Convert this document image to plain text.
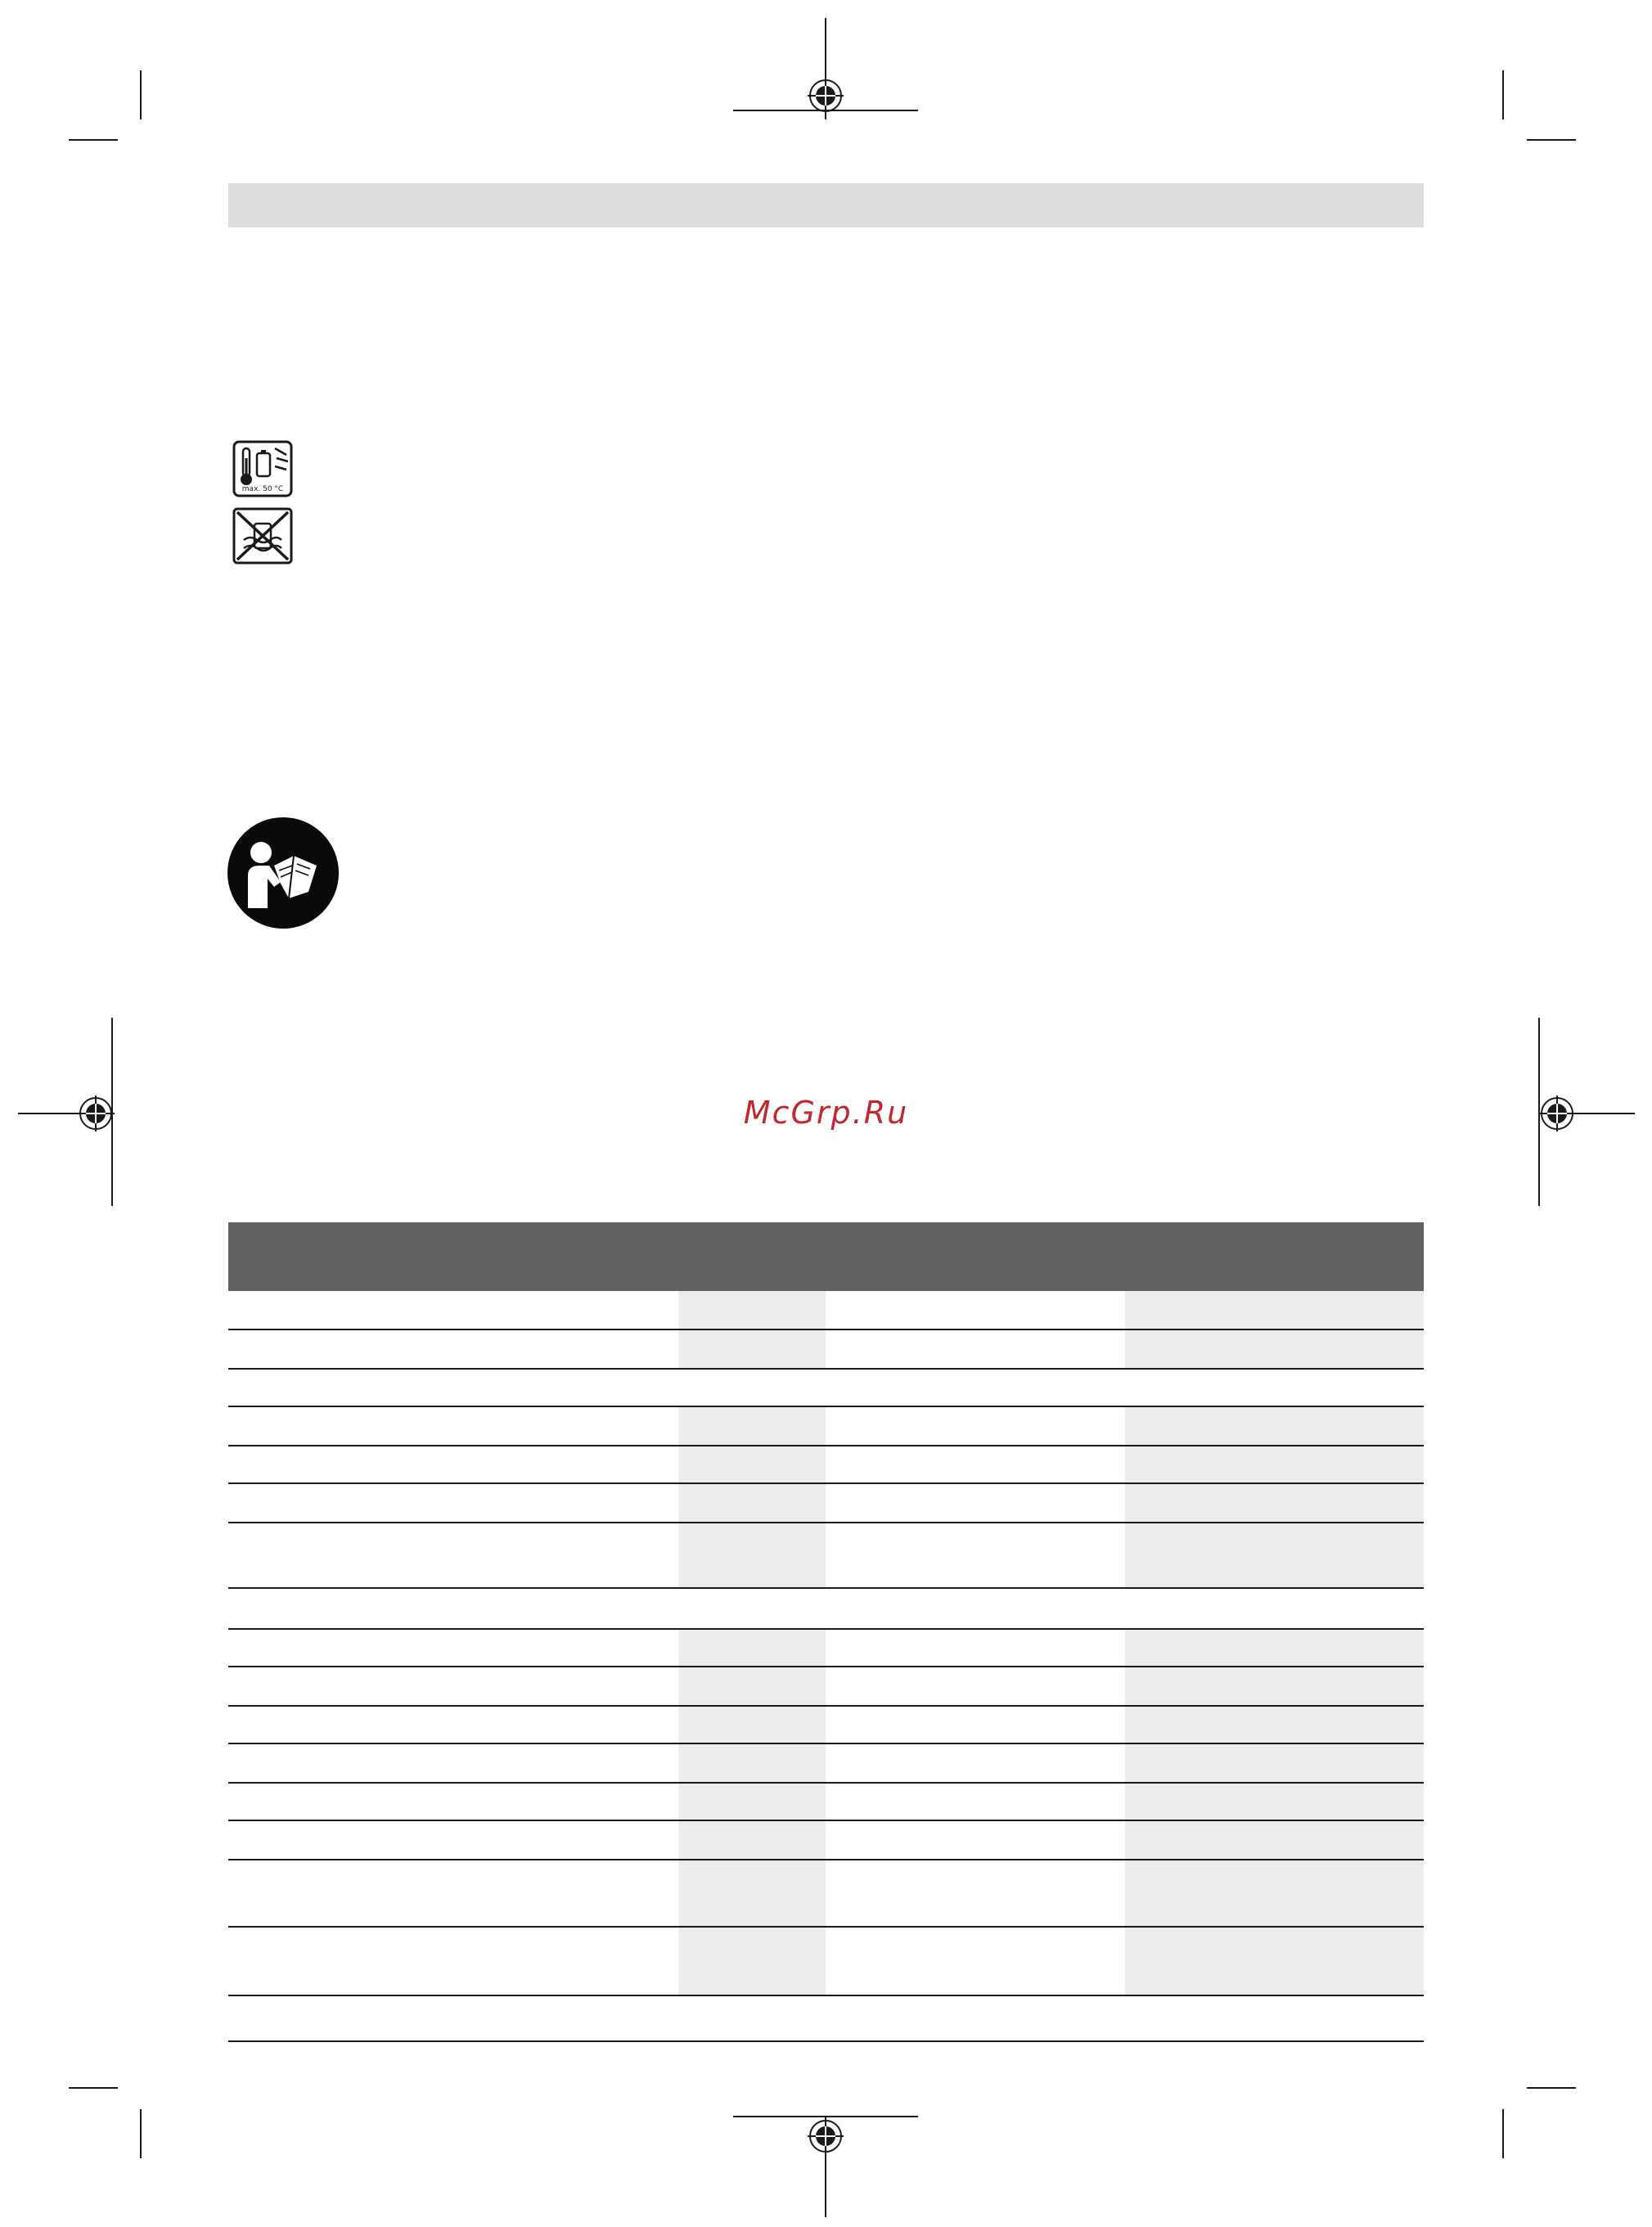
max. 50 °C
McGrp.Ru
